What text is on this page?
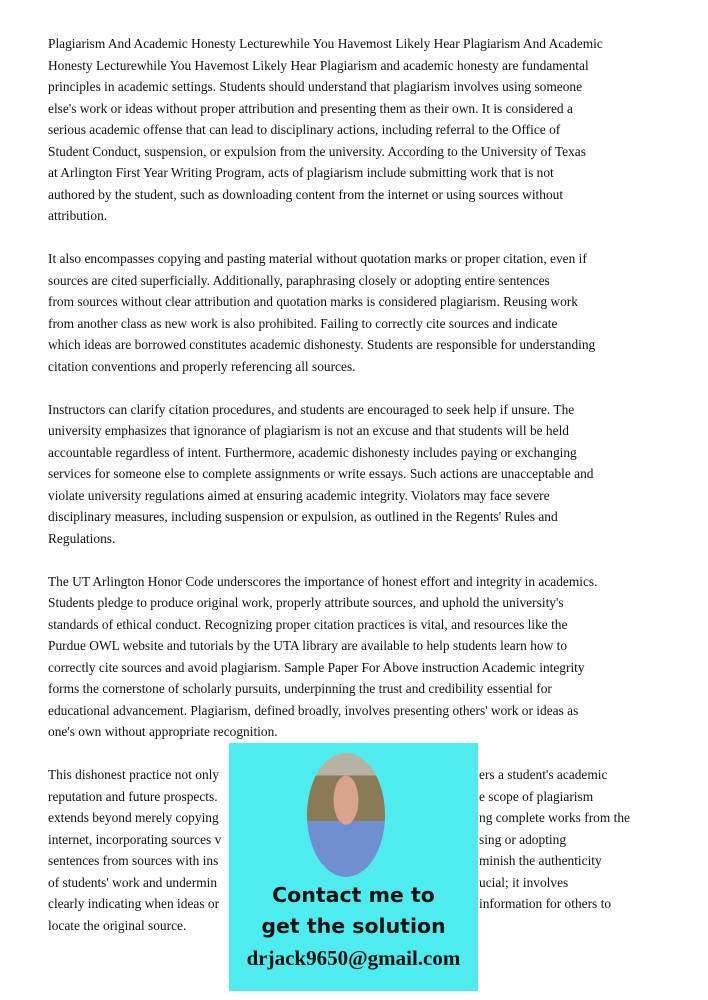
Plagiarism And Academic Honesty Lecturewhile You Havemost Likely Hear Plagiarism And Academic
Honesty Lecturewhile You Havemost Likely Hear Plagiarism and academic honesty are fundamental
principles in academic settings. Students should understand that plagiarism involves using someone
else's work or ideas without proper attribution and presenting them as their own. It is considered a
serious academic offense that can lead to disciplinary actions, including referral to the Office of
Student Conduct, suspension, or expulsion from the university. According to the University of Texas
at Arlington First Year Writing Program, acts of plagiarism include submitting work that is not
authored by the student, such as downloading content from the internet or using sources without
attribution.
It also encompasses copying and pasting material without quotation marks or proper citation, even if
sources are cited superficially. Additionally, paraphrasing closely or adopting entire sentences
from sources without clear attribution and quotation marks is considered plagiarism. Reusing work
from another class as new work is also prohibited. Failing to correctly cite sources and indicate
which ideas are borrowed constitutes academic dishonesty. Students are responsible for understanding
citation conventions and properly referencing all sources.
Instructors can clarify citation procedures, and students are encouraged to seek help if unsure. The
university emphasizes that ignorance of plagiarism is not an excuse and that students will be held
accountable regardless of intent. Furthermore, academic dishonesty includes paying or exchanging
services for someone else to complete assignments or write essays. Such actions are unacceptable and
violate university regulations aimed at ensuring academic integrity. Violators may face severe
disciplinary measures, including suspension or expulsion, as outlined in the Regents' Rules and
Regulations.
The UT Arlington Honor Code underscores the importance of honest effort and integrity in academics.
Students pledge to produce original work, properly attribute sources, and uphold the university's
standards of ethical conduct. Recognizing proper citation practices is vital, and resources like the
Purdue OWL website and tutorials by the UTA library are available to help students learn how to
correctly cite sources and avoid plagiarism. Sample Paper For Above instruction Academic integrity
forms the cornerstone of scholarly pursuits, underpinning the trust and credibility essential for
educational advancement. Plagiarism, defined broadly, involves presenting others' work or ideas as
one's own without appropriate recognition.
This dishonest practice not only	ers a student's academic
reputation and future prospects.	e scope of plagiarism
extends beyond merely copying	ng complete works from the
internet, incorporating sources v	sing or adopting
sentences from sources with ins	minish the authenticity
of students' work and undermin	ucial; it involves
clearly indicating when ideas or	information for others to
locate the original source.
Contact me to
get the solution
drjack9650@gmail.com
